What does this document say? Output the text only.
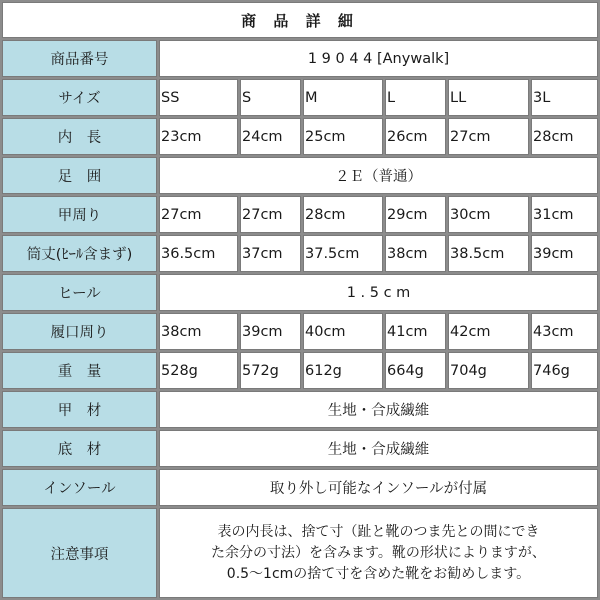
商 品 詳 細
商品番号	1 9 0 4 4 [Anywalk]
サイズ	SS	S	M	L	LL	3L
内　長	23cm	24cm	25cm	26cm	27cm	28cm
足　囲	２Ｅ（普通）
甲周り	27cm	27cm	28cm	29cm	30cm	31cm
筒丈(ﾋｰﾙ含まず)	36.5cm	37cm	37.5cm	38cm	38.5cm	39cm
ヒール	1 . 5 c m
履口周り	38cm	39cm	40cm	41cm	42cm	43cm
重　量	528g	572g	612g	664g	704g	746g
甲　材	生地・合成繊維
底　材	生地・合成繊維
インソール	取り外し可能なインソールが付属
注意事項
表の内長は、捨て寸（趾と靴のつま先との間にでき
た余分の寸法）を含みます。靴の形状によりますが、
0.5～1cmの捨て寸を含めた靴をお勧めします。
